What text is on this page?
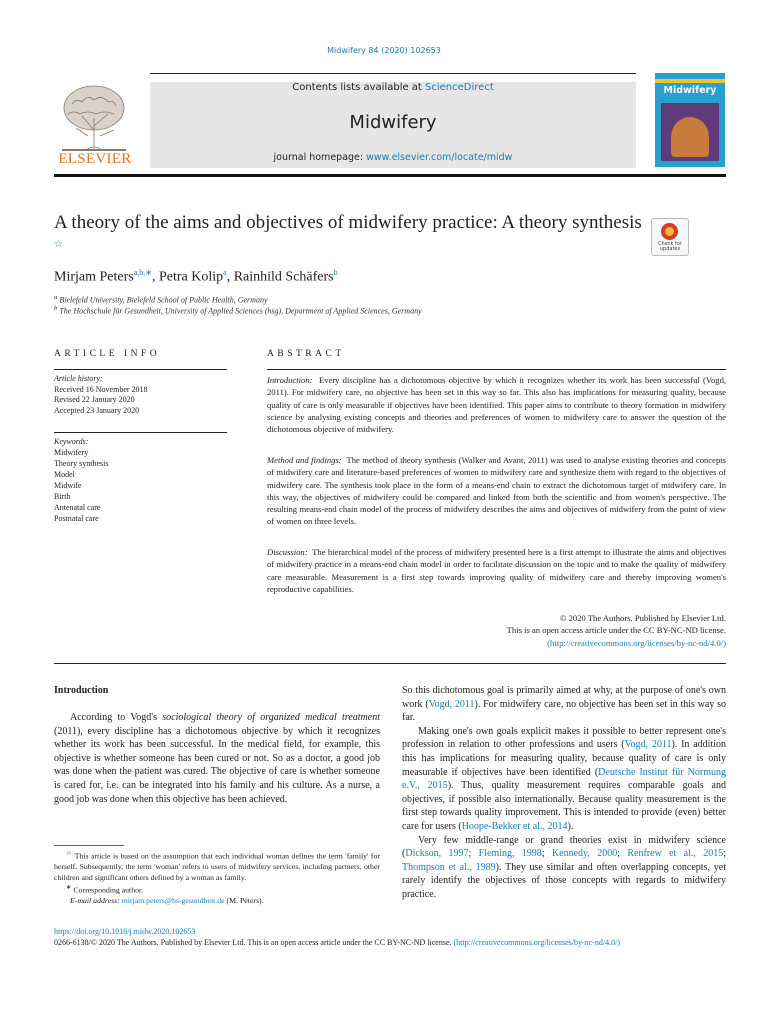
Midwifery 84 (2020) 102653
ELSEVIER
Contents lists available at ScienceDirect
Midwifery
journal homepage: www.elsevier.com/locate/midw
Midwifery
A theory of the aims and objectives of midwifery practice: A theory synthesis ☆	Check for
updates
Mirjam Peters$^{a,b,∗}$, Petra Kolip$^a$, Rainhild Schäfers$^b$
$^a$ Bielefeld University, Bielefeld School of Public Health, Germany
$^b$ The Hochschule für Gesundheit, University of Applied Sciences (hsg), Department of Applied Sciences, Germany
ARTICLE INFO	ABSTRACT
Article history:
Received 16 November 2018
Revised 22 January 2020
Accepted 23 January 2020
Keywords:
Midwifery
Theory synthesis
Model
Midwife
Birth
Antenatal care
Postnatal care
Introduction: Every discipline has a dichotomous objective by which it recognizes whether its work has been successful (Vogd, 2011). For midwifery care, no objective has been set in this way so far. This also has implications for measuring quality, because quality of care is only measurable if objectives have been identified. This paper aims to contribute to theory formation in midwifery science by analysing existing concepts and theories and preferences of women to midwifery care to answer the question of the dichotomous objective of midwifery.
Method and findings: The method of theory synthesis (Walker and Avant, 2011) was used to analyse existing theories and concepts of midwifery care and literature-based preferences of women to midwifery care and synthesize them with regard to the objectives of midwifery care. The synthesis took place in the form of a means-end chain to extract the dichotomous target of midwifery care. In this way, the objectives of midwifery could be compared and linked from both the scientific and from women's perspective. The resulting means-end chain model of the process of midwifery describes the aims and objectives of midwifery from the point of view of women on three levels.
Discussion: The hierarchical model of the process of midwifery presented here is a first attempt to illustrate the aims and objectives of midwifery practice in a means-end chain model in order to facilitate discussion on the topic and to make the quality of midwifery care measurable. Measurement is a first step towards improving quality of midwifery care and thereby improving women's reproductive capabilities.
© 2020 The Authors. Published by Elsevier Ltd.
This is an open access article under the CC BY-NC-ND license.
(http://creativecommons.org/licenses/by-nc-nd/4.0/)
Introduction

According to Vogd's sociological theory of organized medical treatment (2011), every discipline has a dichotomous objective by which it recognizes whether its work has been successful. In the medical field, for example, this objective is whether someone has been cured or not. So as a doctor, a good job was done when the patient was cured. The objective of care is whether someone is cared for, i.e. can be integrated into his family and his culture. As a nurse, a good job was done when this objective has been achieved.

So this dichotomous goal is primarily aimed at why, at the purpose of one's own work (Vogd, 2011). For midwifery care, no objective has been set in this way so far.

Making one's own goals explicit makes it possible to better represent one's profession in relation to other professions and users (Vogd, 2011). In addition this has implications for measuring quality, because quality of care is only measurable if objectives have been identified (Deutsche Institut für Normung e.V., 2015). Thus, quality measurement requires comparable goals and objectives, if possible also internationally. Because quality measurement is the first step towards quality improvement. This is intended to provide (even) better care for users (Hoope-Bekker et al., 2014).

Very few middle-range or grand theories exist in midwifery science (Dickson, 1997; Fleming, 1998; Kennedy, 2000; Renfrew et al., 2015; Thompson et al., 1989). They use similar and often overlapping concepts, yet rarely identify the objectives of those concepts with regards to midwifery practice.

☆ This article is based on the assumption that each individual woman defines the term 'family' for herself. Subsequently, the term 'woman' refers to users of midwifery services, including partners, other children and significant others defined by a woman as family.
∗ Corresponding author.
E-mail address: mirjam.peters@hs-gesundheit.de (M. Peters).
https://doi.org/10.1016/j.midw.2020.102653
0266-6138/© 2020 The Authors. Published by Elsevier Ltd. This is an open access article under the CC BY-NC-ND license. (http://creativecommons.org/licenses/by-nc-nd/4.0/)
